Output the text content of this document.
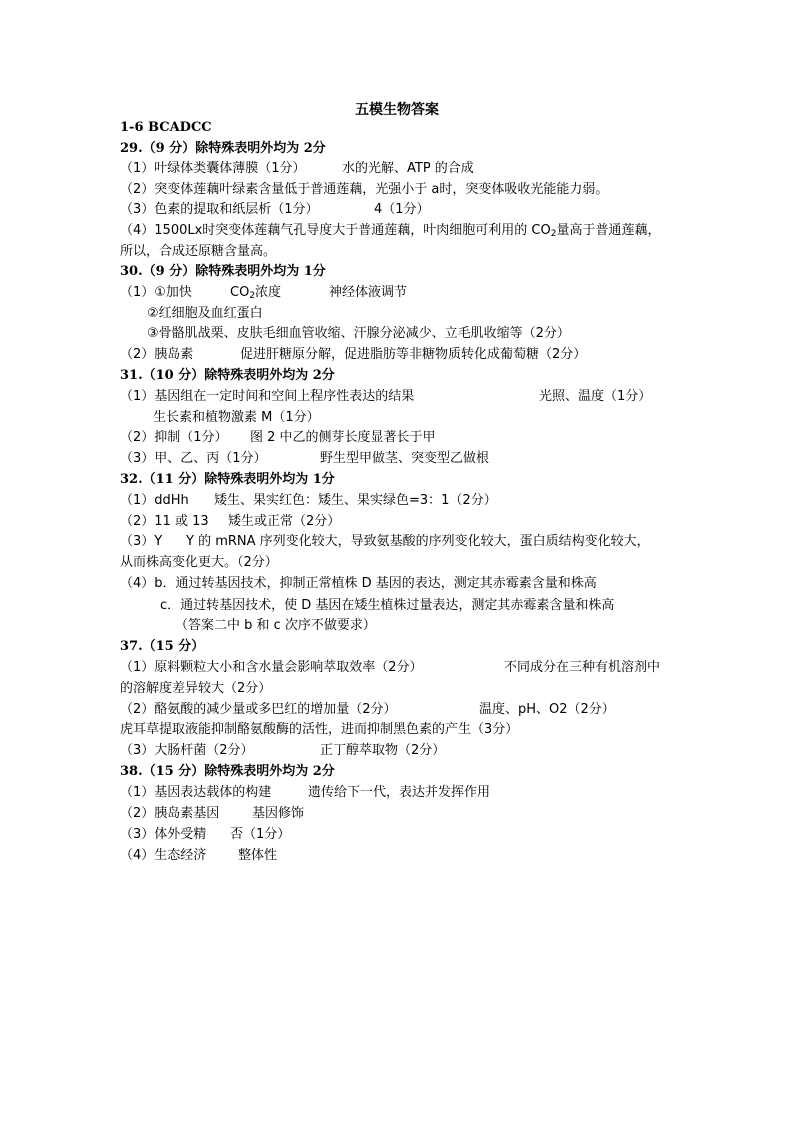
五模生物答案
1-6 BCADCC
29.（9 分）除特殊表明外均为 2分
（1）叶绿体类囊体薄膜（1分）	水的光解、ATP 的合成
（2）突变体莲藕叶绿素含量低于普通莲藕，光强小于 a时，突变体吸收光能能力弱。
（3）色素的提取和纸层析（1分）	4（1分）
（4）1500Lx时突变体莲藕气孔导度大于普通莲藕，叶肉细胞可利用的 $CO_2$量高于普通莲藕，
所以，合成还原糖含量高。
30.（9 分）除特殊表明外均为 1分
（1）①加快	$CO_2$浓度	神经体液调节
②红细胞及血红蛋白
③骨骼肌战栗、皮肤毛细血管收缩、汗腺分泌减少、立毛肌收缩等（2分）
（2）胰岛素	促进肝糖原分解，促进脂肪等非糖物质转化成葡萄糖（2分）
31.（10 分）除特殊表明外均为 2分
（1）基因组在一定时间和空间上程序性表达的结果	光照、温度（1分）
生长素和植物激素 M（1分）
（2）抑制（1分） 图 2 中乙的侧芽长度显著长于甲
（3）甲、乙、丙（1分）	野生型甲做茎、突变型乙做根
32.（11 分）除特殊表明外均为 1分
（1）ddHh 矮生、果实红色：矮生、果实绿色=3：1（2分）
（2）11 或 13 矮生或正常（2分）
（3）Y Y 的 mRNA 序列变化较大，导致氨基酸的序列变化较大，蛋白质结构变化较大，
从而株高变化更大。（2分）
（4）b．通过转基因技术，抑制正常植株 D 基因的表达，测定其赤霉素含量和株高
c．通过转基因技术，使 D 基因在矮生植株过量表达，测定其赤霉素含量和株高
（答案二中 b 和 c 次序不做要求）
37.（15 分）
（1）原料颗粒大小和含水量会影响萃取效率（2分）	不同成分在三种有机溶剂中
的溶解度差异较大（2分）
（2）酪氨酸的减少量或多巴红的增加量（2分）	温度、pH、O2（2分）
虎耳草提取液能抑制酪氨酸酶的活性，进而抑制黑色素的产生（3分）
（3）大肠杆菌（2分）	正丁醇萃取物（2分）
38.（15 分）除特殊表明外均为 2分
（1）基因表达载体的构建	遗传给下一代，表达并发挥作用
（2）胰岛素基因	基因修饰
（3）体外受精 否（1分）
（4）生态经济 整体性
